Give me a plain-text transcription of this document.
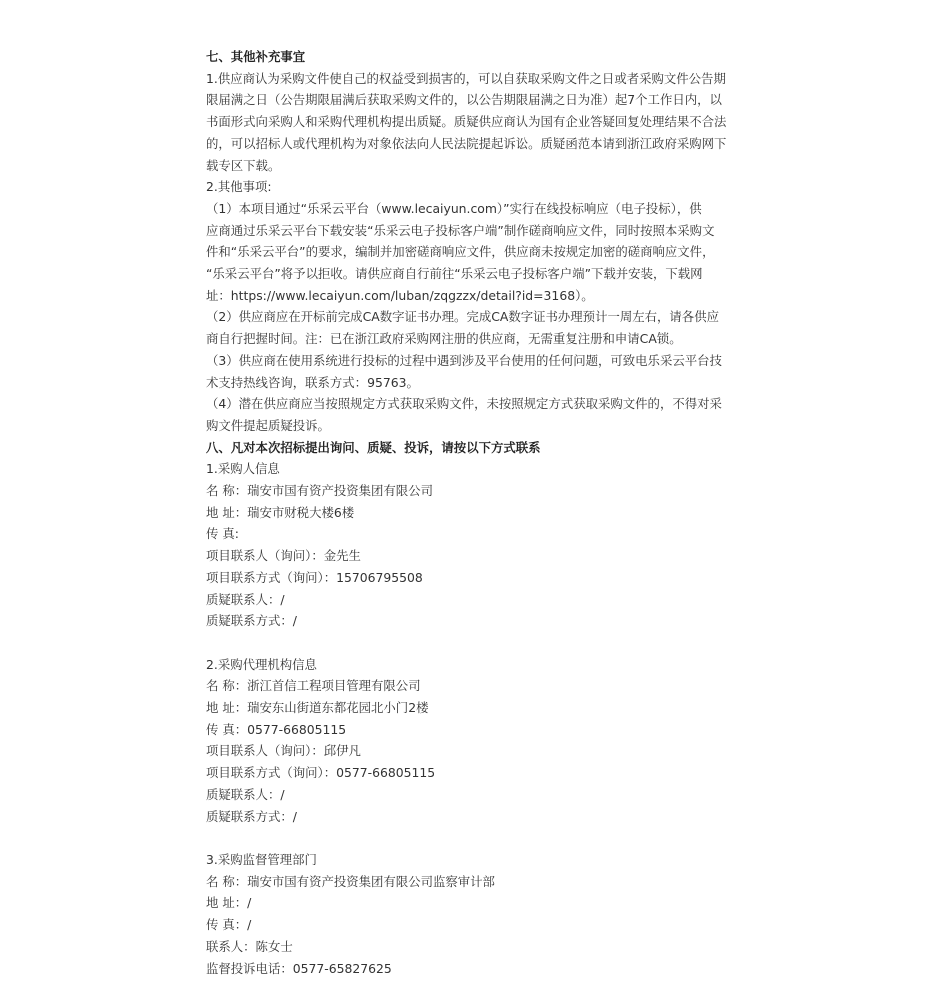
七、其他补充事宜
1.供应商认为采购文件使自己的权益受到损害的，可以自获取采购文件之日或者采购文件公告期
限届满之日（公告期限届满后获取采购文件的，以公告期限届满之日为准）起7个工作日内，以
书面形式向采购人和采购代理机构提出质疑。质疑供应商认为国有企业答疑回复处理结果不合法
的，可以招标人或代理机构为对象依法向人民法院提起诉讼。质疑函范本请到浙江政府采购网下
载专区下载。
2.其他事项:
（1）本项目通过“乐采云平台（www.lecaiyun.com）”实行在线投标响应（电子投标），供
应商通过乐采云平台下载安装“乐采云电子投标客户端”制作磋商响应文件，同时按照本采购文
件和“乐采云平台”的要求，编制并加密磋商响应文件，供应商未按规定加密的磋商响应文件，
“乐采云平台”将予以拒收。请供应商自行前往“乐采云电子投标客户端”下载并安装，下载网
址：https://www.lecaiyun.com/luban/zqgzzx/detail?id=3168）。
（2）供应商应在开标前完成CA数字证书办理。完成CA数字证书办理预计一周左右，请各供应
商自行把握时间。注：已在浙江政府采购网注册的供应商，无需重复注册和申请CA锁。
（3）供应商在使用系统进行投标的过程中遇到涉及平台使用的任何问题，可致电乐采云平台技
术支持热线咨询，联系方式：95763。
（4）潜在供应商应当按照规定方式获取采购文件，未按照规定方式获取采购文件的，不得对采
购文件提起质疑投诉。
八、凡对本次招标提出询问、质疑、投诉，请按以下方式联系
1.采购人信息
名 称：瑞安市国有资产投资集团有限公司
地 址：瑞安市财税大楼6楼
传 真:
项目联系人（询问）：金先生
项目联系方式（询问）：15706795508
质疑联系人：/
质疑联系方式：/
2.采购代理机构信息
名 称：浙江首信工程项目管理有限公司
地 址：瑞安东山街道东都花园北小门2楼
传 真：0577-66805115
项目联系人（询问）：邱伊凡
项目联系方式（询问）：0577-66805115
质疑联系人：/
质疑联系方式：/
3.采购监督管理部门
名 称：瑞安市国有资产投资集团有限公司监察审计部
地 址：/
传 真：/
联系人：陈女士
监督投诉电话：0577-65827625
